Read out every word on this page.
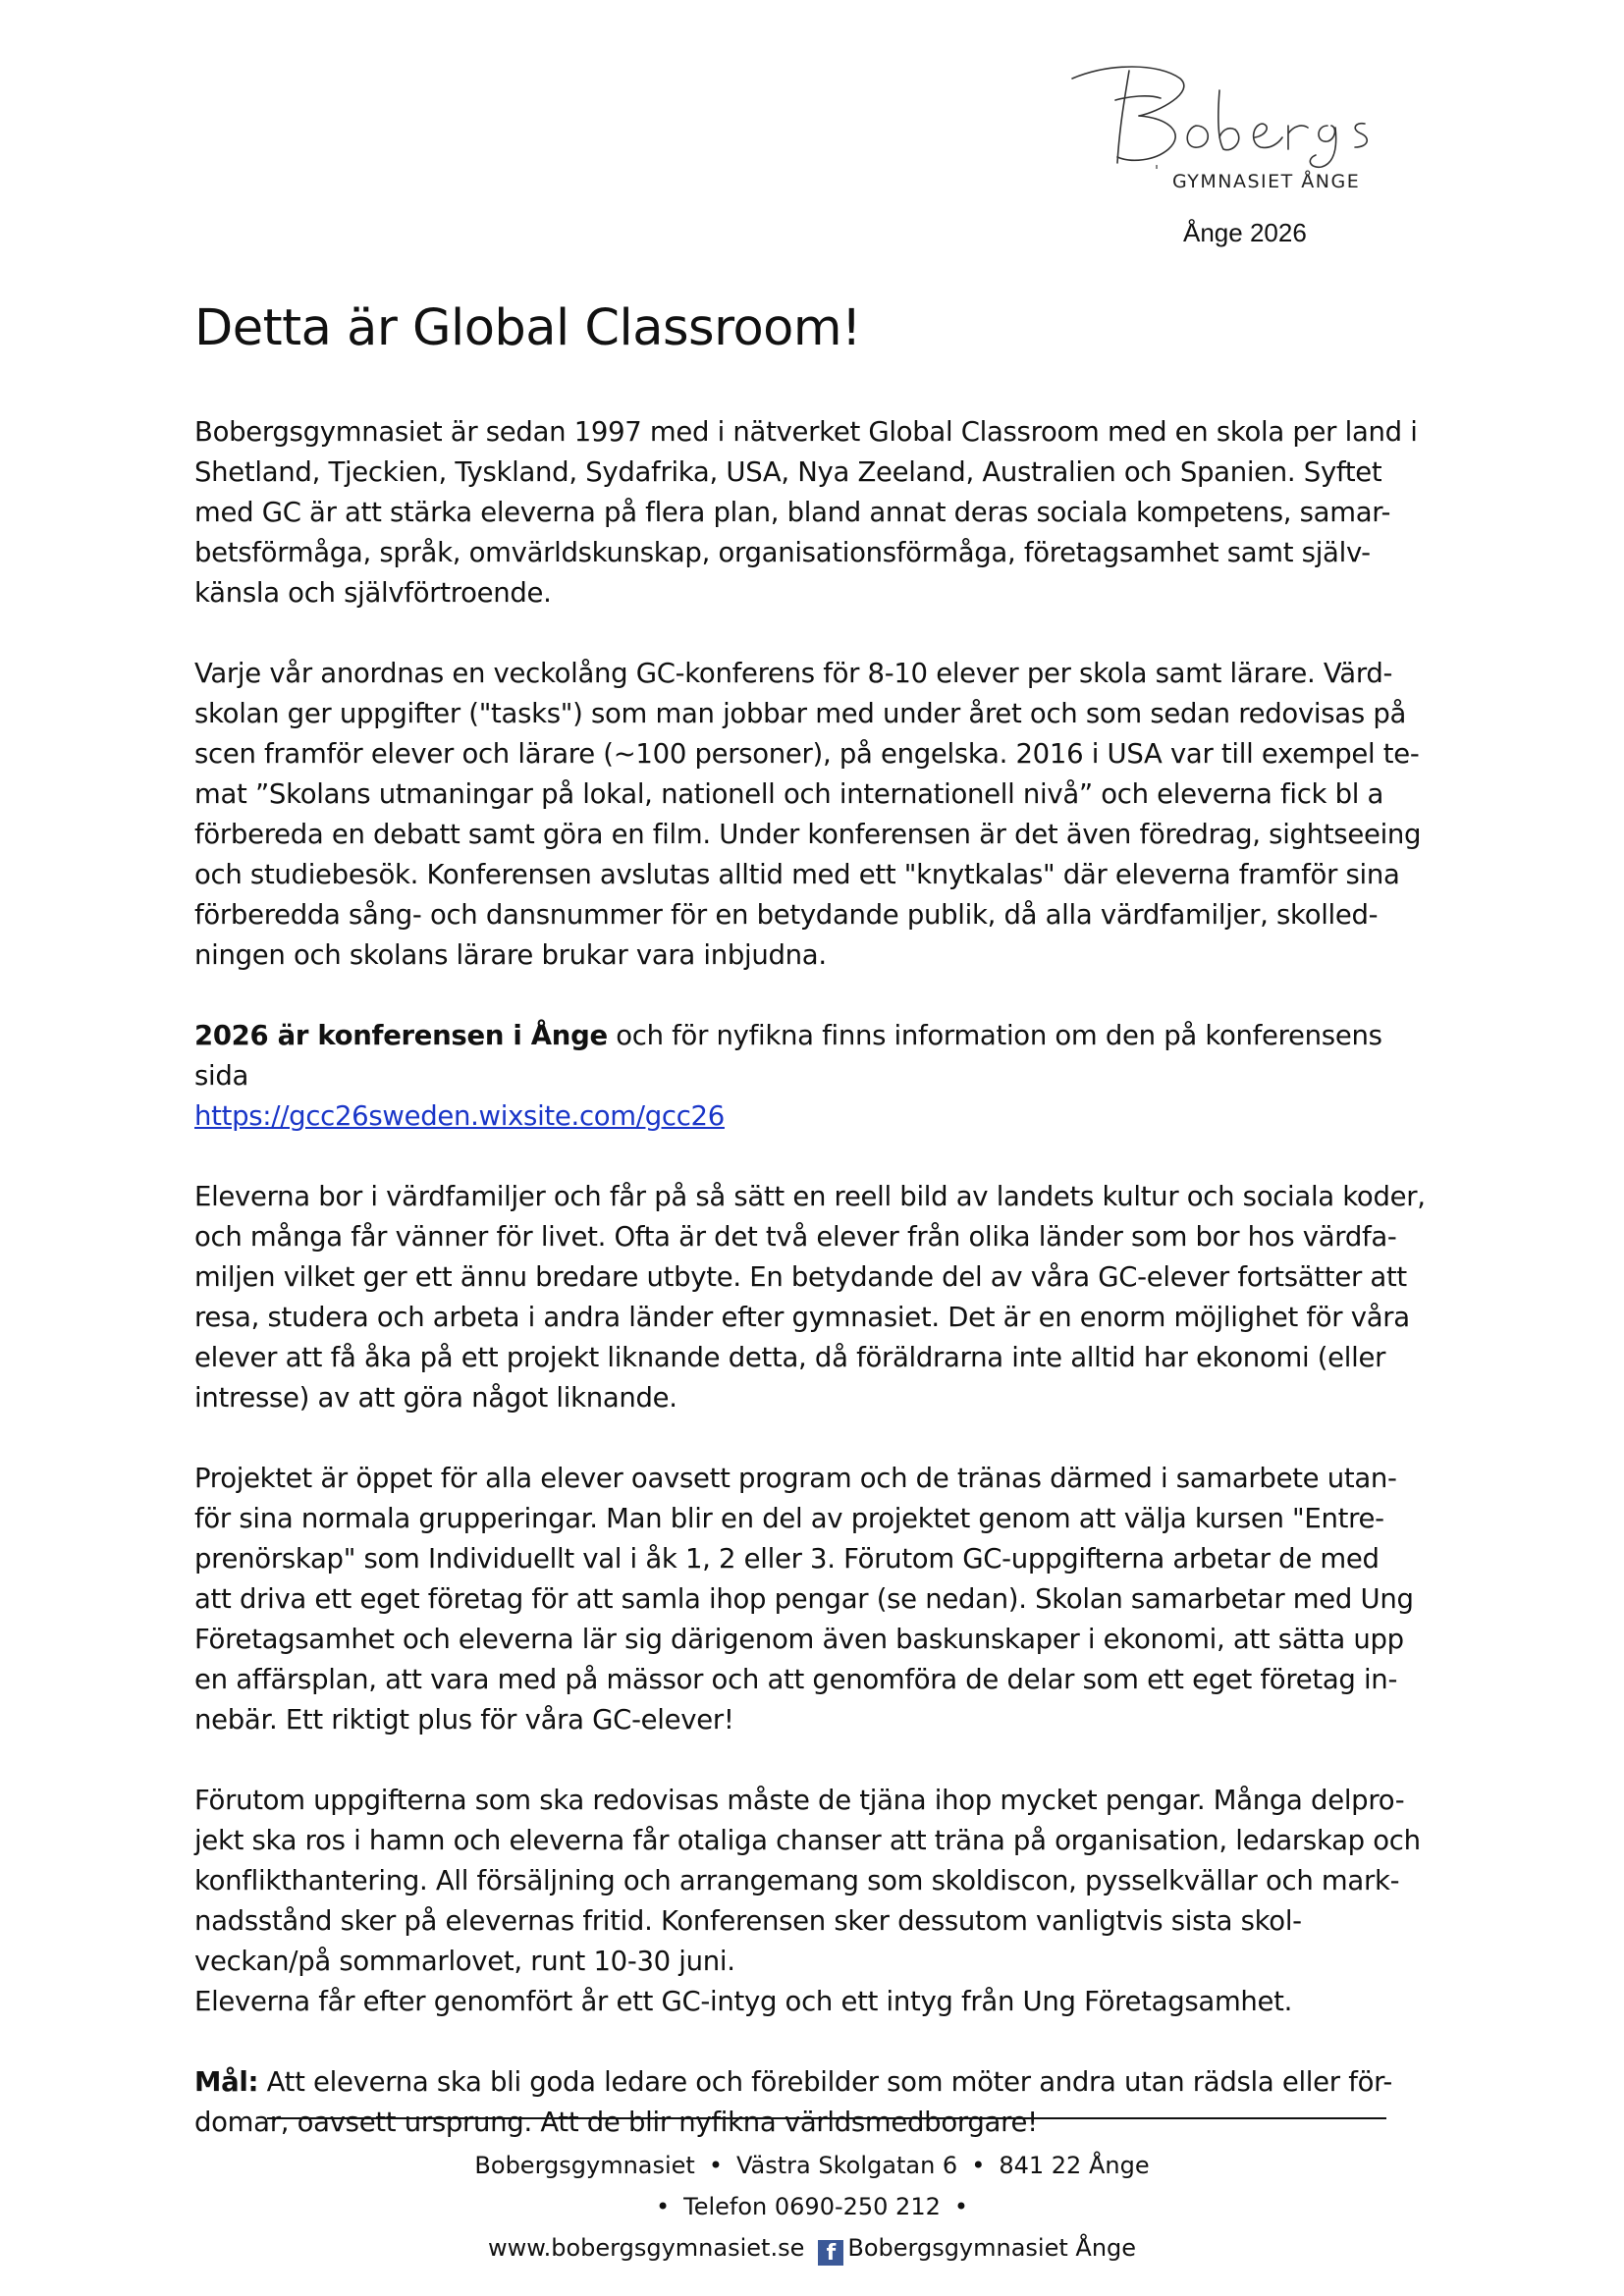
GYMNASIET ÅNGE
Ånge 2026
Detta är Global Classroom!

Bobergsgymnasiet är sedan 1997 med i nätverket Global Classroom med en skola per land i
Shetland, Tjeckien, Tyskland, Sydafrika, USA, Nya Zeeland, Australien och Spanien. Syftet
med GC är att stärka eleverna på flera plan, bland annat deras sociala kompetens, samar-
betsförmåga, språk, omvärldskunskap, organisationsförmåga, företagsamhet samt själv-
känsla och självförtroende.

Varje vår anordnas en veckolång GC-konferens för 8-10 elever per skola samt lärare. Värd-
skolan ger uppgifter ("tasks") som man jobbar med under året och som sedan redovisas på
scen framför elever och lärare (~100 personer), på engelska. 2016 i USA var till exempel te-
mat ”Skolans utmaningar på lokal, nationell och internationell nivå” och eleverna fick bl a
förbereda en debatt samt göra en film. Under konferensen är det även föredrag, sightseeing
och studiebesök. Konferensen avslutas alltid med ett "knytkalas" där eleverna framför sina
förberedda sång- och dansnummer för en betydande publik, då alla värdfamiljer, skolled-
ningen och skolans lärare brukar vara inbjudna.

2026 är konferensen i Ånge och för nyfikna finns information om den på konferensens sida
https://gcc26sweden.wixsite.com/gcc26

Eleverna bor i värdfamiljer och får på så sätt en reell bild av landets kultur och sociala koder,
och många får vänner för livet. Ofta är det två elever från olika länder som bor hos värdfa-
miljen vilket ger ett ännu bredare utbyte. En betydande del av våra GC-elever fortsätter att
resa, studera och arbeta i andra länder efter gymnasiet. Det är en enorm möjlighet för våra
elever att få åka på ett projekt liknande detta, då föräldrarna inte alltid har ekonomi (eller
intresse) av att göra något liknande.

Projektet är öppet för alla elever oavsett program och de tränas därmed i samarbete utan-
för sina normala grupperingar. Man blir en del av projektet genom att välja kursen "Entre-
prenörskap" som Individuellt val i åk 1, 2 eller 3. Förutom GC-uppgifterna arbetar de med
att driva ett eget företag för att samla ihop pengar (se nedan). Skolan samarbetar med Ung
Företagsamhet och eleverna lär sig därigenom även baskunskaper i ekonomi, att sätta upp
en affärsplan, att vara med på mässor och att genomföra de delar som ett eget företag in-
nebär. Ett riktigt plus för våra GC-elever!

Förutom uppgifterna som ska redovisas måste de tjäna ihop mycket pengar. Många delpro-
jekt ska ros i hamn och eleverna får otaliga chanser att träna på organisation, ledarskap och
konflikthantering. All försäljning och arrangemang som skoldiscon, pysselkvällar och mark-
nadsstånd sker på elevernas fritid. Konferensen sker dessutom vanligtvis sista skol-
veckan/på sommarlovet, runt 10-30 juni.

Eleverna får efter genomfört år ett GC-intyg och ett intyg från Ung Företagsamhet.

Mål: Att eleverna ska bli goda ledare och förebilder som möter andra utan rädsla eller för-
domar, oavsett ursprung. Att de blir nyfikna världsmedborgare!

Bobergsgymnasiet • Västra Skolgatan 6 • 841 22 Ånge
• Telefon 0690-250 212 •
www.bobergsgymnasiet.se f Bobergsgymnasiet Ånge
